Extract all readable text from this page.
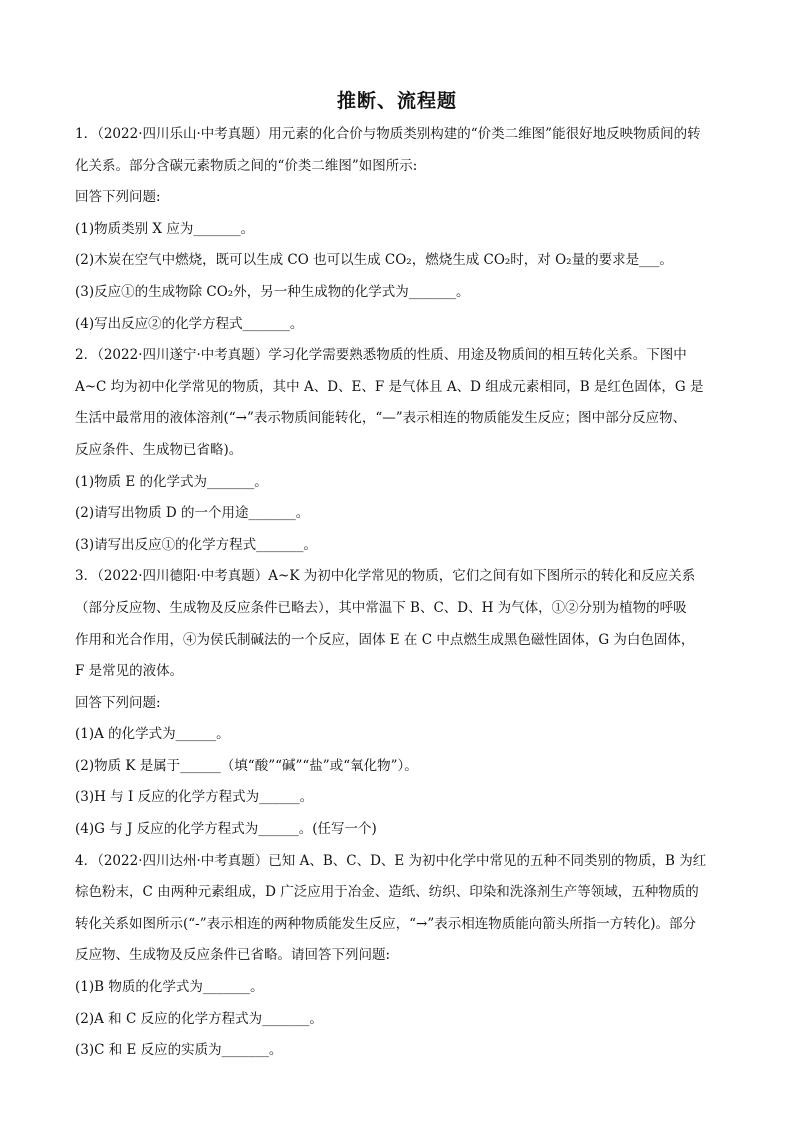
推断、流程题
1．（2022·四川乐山·中考真题）用元素的化合价与物质类别构建的“价类二维图”能很好地反映物质间的转
化关系。部分含碳元素物质之间的“价类二维图”如图所示:
回答下列问题:
(1)物质类别 X 应为_______。
(2)木炭在空气中燃烧，既可以生成 CO 也可以生成 CO₂，燃烧生成 CO₂时，对 O₂量的要求是___。
(3)反应①的生成物除 CO₂外，另一种生成物的化学式为_______。
(4)写出反应②的化学方程式_______。
2．（2022·四川遂宁·中考真题）学习化学需要熟悉物质的性质、用途及物质间的相互转化关系。下图中
A~C 均为初中化学常见的物质，其中 A、D、E、F 是气体且 A、D 组成元素相同，B 是红色固体，G 是
生活中最常用的液体溶剂(“→”表示物质间能转化，“—”表示相连的物质能发生反应；图中部分反应物、
反应条件、生成物已省略)。
(1)物质 E 的化学式为_______。
(2)请写出物质 D 的一个用途_______。
(3)请写出反应①的化学方程式_______。
3．（2022·四川德阳·中考真题）A~K 为初中化学常见的物质，它们之间有如下图所示的转化和反应关系
（部分反应物、生成物及反应条件已略去），其中常温下 B、C、D、H 为气体，①②分别为植物的呼吸
作用和光合作用，④为侯氏制碱法的一个反应，固体 E 在 C 中点燃生成黑色磁性固体，G 为白色固体，
F 是常见的液体。
回答下列问题:
(1)A 的化学式为______。
(2)物质 K 是属于______（填“酸”“碱”“盐”或“氧化物”）。
(3)H 与 I 反应的化学方程式为______。
(4)G 与 J 反应的化学方程式为______。(任写一个)
4．（2022·四川达州·中考真题）已知 A、B、C、D、E 为初中化学中常见的五种不同类别的物质，B 为红
棕色粉末，C 由两种元素组成，D 广泛应用于冶金、造纸、纺织、印染和洗涤剂生产等领域，五种物质的
转化关系如图所示(“-”表示相连的两种物质能发生反应，“→”表示相连物质能向箭头所指一方转化)。部分
反应物、生成物及反应条件已省略。请回答下列问题:
(1)B 物质的化学式为_______。
(2)A 和 C 反应的化学方程式为_______。
(3)C 和 E 反应的实质为_______。
